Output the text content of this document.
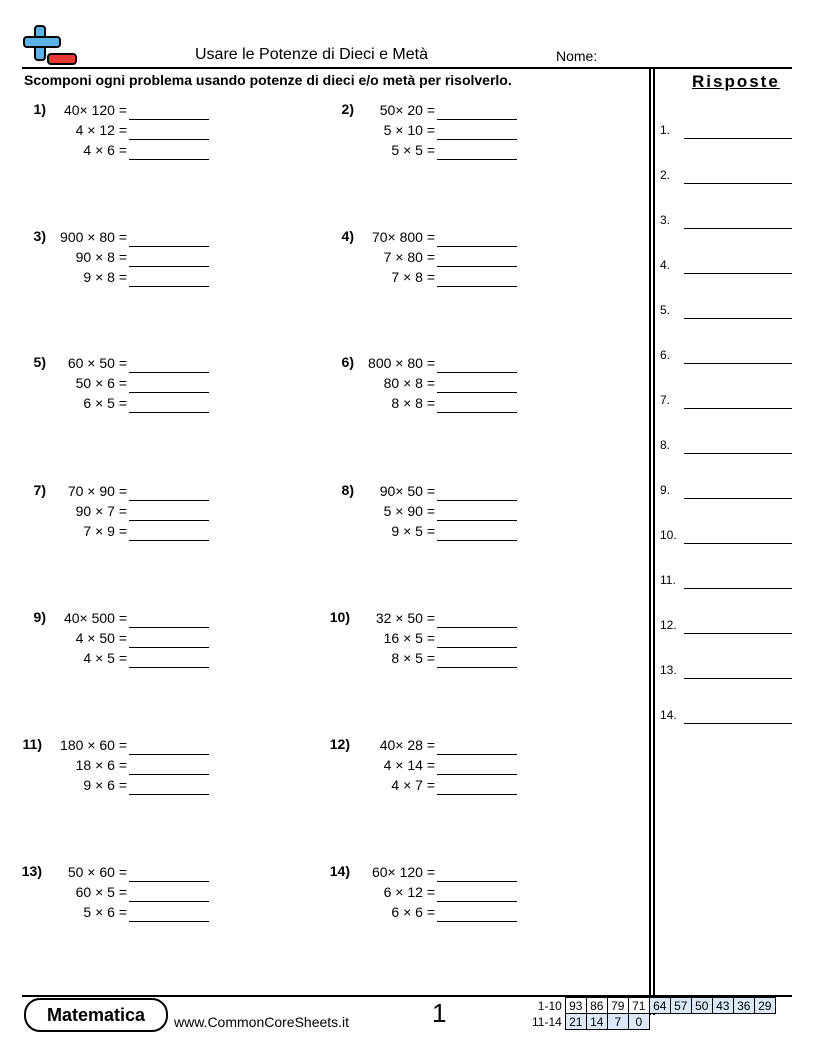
Usare le Potenze di Dieci e Metà	Nome:
Scomponi ogni problema usando potenze di dieci e/o metà per risolverlo.	Risposte
1.
2.
3.
4.
5.
6.
7.
8.
9.
10.
11.
12.
13.
14.
1) 40× 120 =
4 × 12 =
4 × 6 =
2) 50× 20 =
5 × 10 =
5 × 5 =
3) 900 × 80 =
90 × 8 =
9 × 8 =
4) 70× 800 =
7 × 80 =
7 × 8 =
5) 60 × 50 =
50 × 6 =
6 × 5 =
6) 800 × 80 =
80 × 8 =
8 × 8 =
7) 70 × 90 =
90 × 7 =
7 × 9 =
8) 90× 50 =
5 × 90 =
9 × 5 =
9) 40× 500 =
4 × 50 =
4 × 5 =
10) 32 × 50 =
16 × 5 =
8 × 5 =
11) 180 × 60 =
18 × 6 =
9 × 6 =
12) 40× 28 =
4 × 14 =
4 × 7 =
13) 50 × 60 =
60 × 5 =
5 × 6 =
14) 60× 120 =
6 × 12 =
6 × 6 =
Matematica	www.CommonCoreSheets.it	1	1-10	93	86	79	71	64	57	50	43	36	29
11-14	21	14	7	0						
